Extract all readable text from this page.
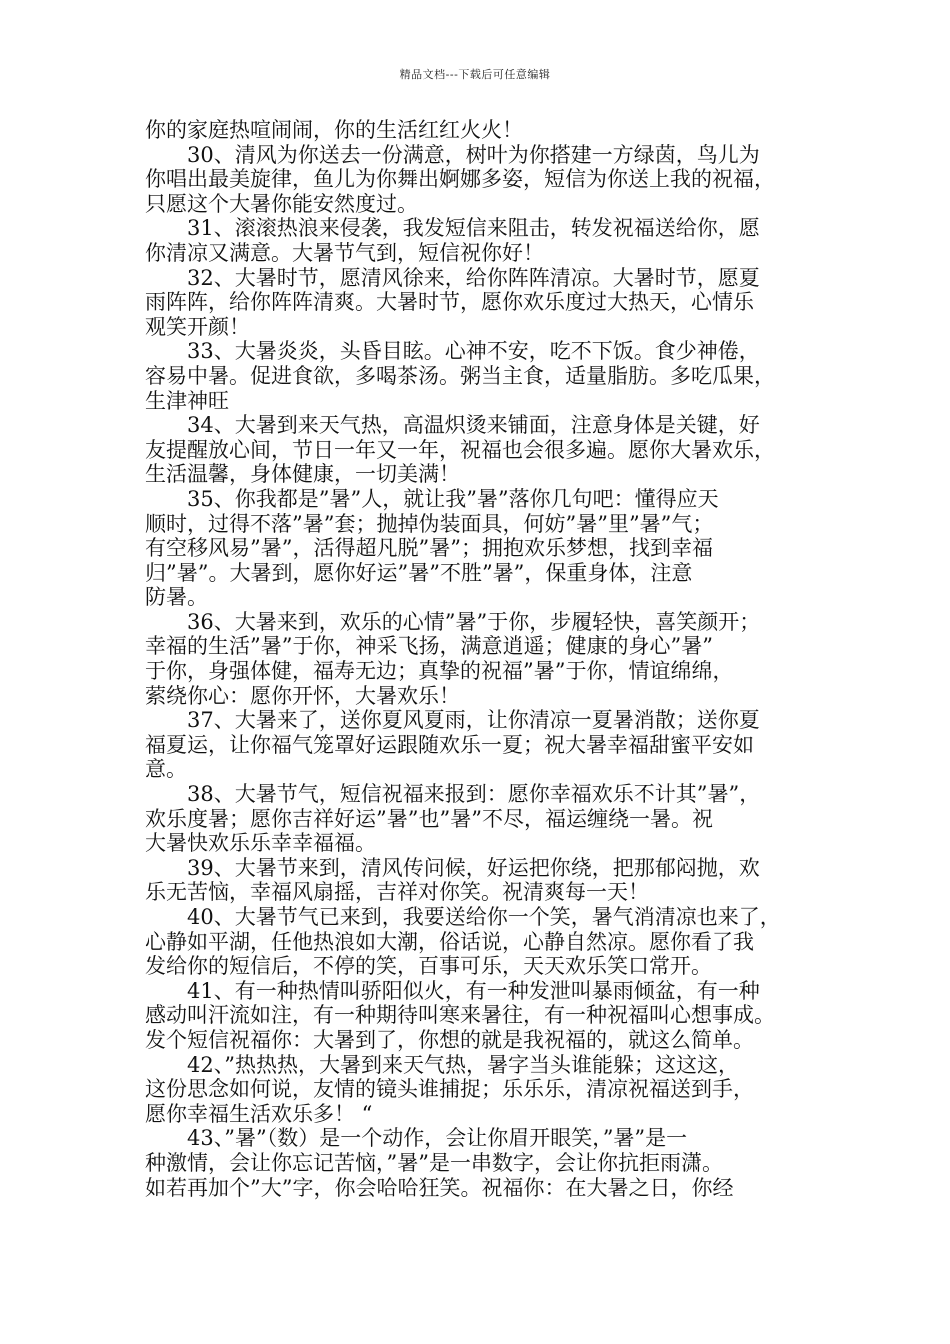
精品文档---下载后可任意编辑

你的家庭热喧闹闹，你的生活红红火火！

30、清风为你送去一份满意，树叶为你搭建一方绿茵，鸟儿为
你唱出最美旋律，鱼儿为你舞出婀娜多姿，短信为你送上我的祝福，
只愿这个大暑你能安然度过。

31、滚滚热浪来侵袭，我发短信来阻击，转发祝福送给你，愿
你清凉又满意。大暑节气到，短信祝你好！

32、大暑时节，愿清风徐来，给你阵阵清凉。大暑时节，愿夏
雨阵阵，给你阵阵清爽。大暑时节，愿你欢乐度过大热天，心情乐
观笑开颜！

33、大暑炎炎，头昏目眩。心神不安，吃不下饭。食少神倦，
容易中暑。促进食欲，多喝茶汤。粥当主食，适量脂肪。多吃瓜果，
生津神旺

34、大暑到来天气热，高温炽烫来铺面，注意身体是关键，好
友提醒放心间，节日一年又一年，祝福也会很多遍。愿你大暑欢乐，
生活温馨，身体健康，一切美满！

35、你我都是”暑”人，就让我”暑”落你几句吧：懂得应天
顺时，过得不落”暑”套；抛掉伪装面具，何妨”暑”里”暑”气；
有空移风易”暑”，活得超凡脱”暑”；拥抱欢乐梦想，找到幸福
归”暑”。大暑到，愿你好运”暑”不胜”暑”，保重身体，注意
防暑。

36、大暑来到，欢乐的心情”暑”于你，步履轻快，喜笑颜开；
幸福的生活”暑”于你，神采飞扬，满意逍遥；健康的身心”暑”
于你，身强体健，福寿无边；真挚的祝福”暑”于你，情谊绵绵，
萦绕你心：愿你开怀，大暑欢乐！

37、大暑来了，送你夏风夏雨，让你清凉一夏暑消散；送你夏
福夏运，让你福气笼罩好运跟随欢乐一夏；祝大暑幸福甜蜜平安如
意。

38、大暑节气，短信祝福来报到：愿你幸福欢乐不计其”暑”，
欢乐度暑；愿你吉祥好运”暑”也”暑”不尽，福运缠绕一暑。祝
大暑快欢乐乐幸幸福福。

39、大暑节来到，清风传问候，好运把你绕，把那郁闷抛，欢
乐无苦恼，幸福风扇摇，吉祥对你笑。祝清爽每一天！

40、大暑节气已来到，我要送给你一个笑，暑气消清凉也来了，
心静如平湖，任他热浪如大潮，俗话说，心静自然凉。愿你看了我
发给你的短信后，不停的笑，百事可乐，天天欢乐笑口常开。

41、有一种热情叫骄阳似火，有一种发泄叫暴雨倾盆，有一种
感动叫汗流如注，有一种期待叫寒来暑往，有一种祝福叫心想事成。
发个短信祝福你：大暑到了，你想的就是我祝福的，就这么简单。

42、”热热热，大暑到来天气热，暑字当头谁能躲；这这这，
这份思念如何说，友情的镜头谁捕捉；乐乐乐，清凉祝福送到手，
愿你幸福生活欢乐多！ “

43、”暑”（数）是一个动作，会让你眉开眼笑，”暑”是一
种激情，会让你忘记苦恼，”暑”是一串数字，会让你抗拒雨潇。
如若再加个”大”字，你会哈哈狂笑。祝福你：在大暑之日，你经
